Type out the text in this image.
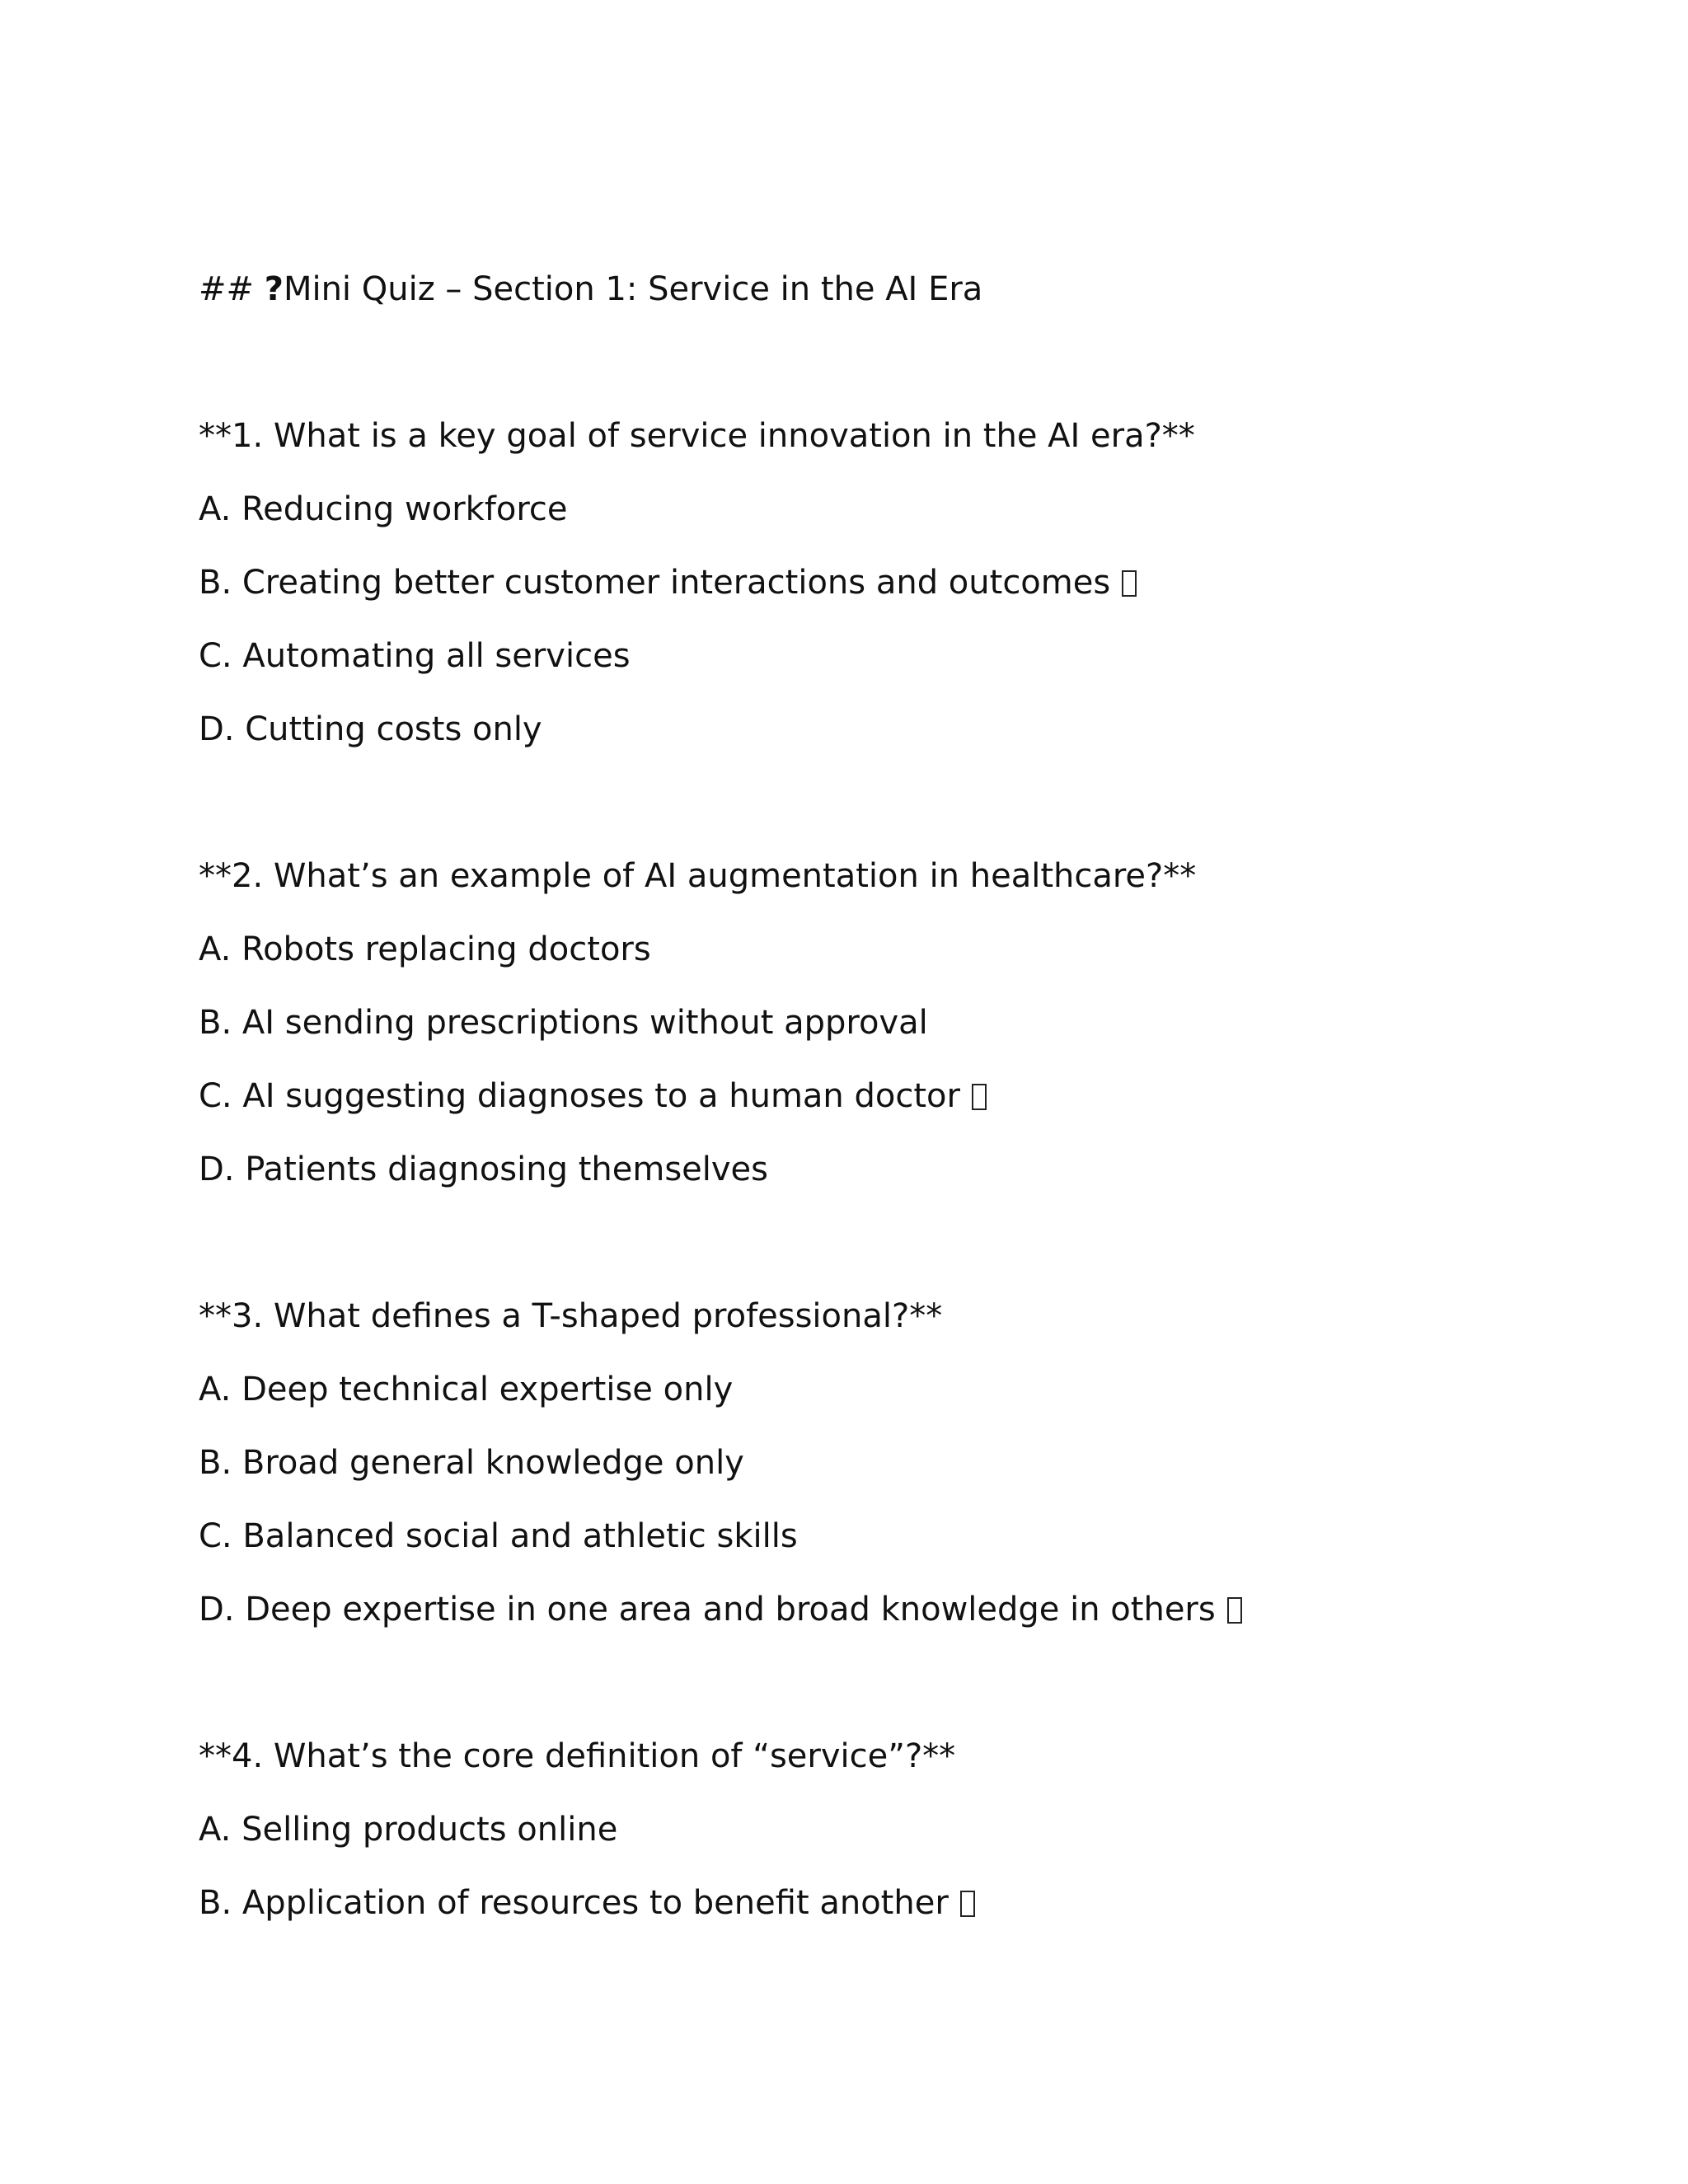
## ?Mini Quiz – Section 1: Service in the AI Era

**1. What is a key goal of service innovation in the AI era?**

A. Reducing workforce

B. Creating better customer interactions and outcomes

C. Automating all services

D. Cutting costs only

**2. What’s an example of AI augmentation in healthcare?**

A. Robots replacing doctors

B. AI sending prescriptions without approval

C. AI suggesting diagnoses to a human doctor

D. Patients diagnosing themselves

**3. What defines a T-shaped professional?**

A. Deep technical expertise only

B. Broad general knowledge only

C. Balanced social and athletic skills

D. Deep expertise in one area and broad knowledge in others

**4. What’s the core definition of “service”?**

A. Selling products online

B. Application of resources to benefit another
